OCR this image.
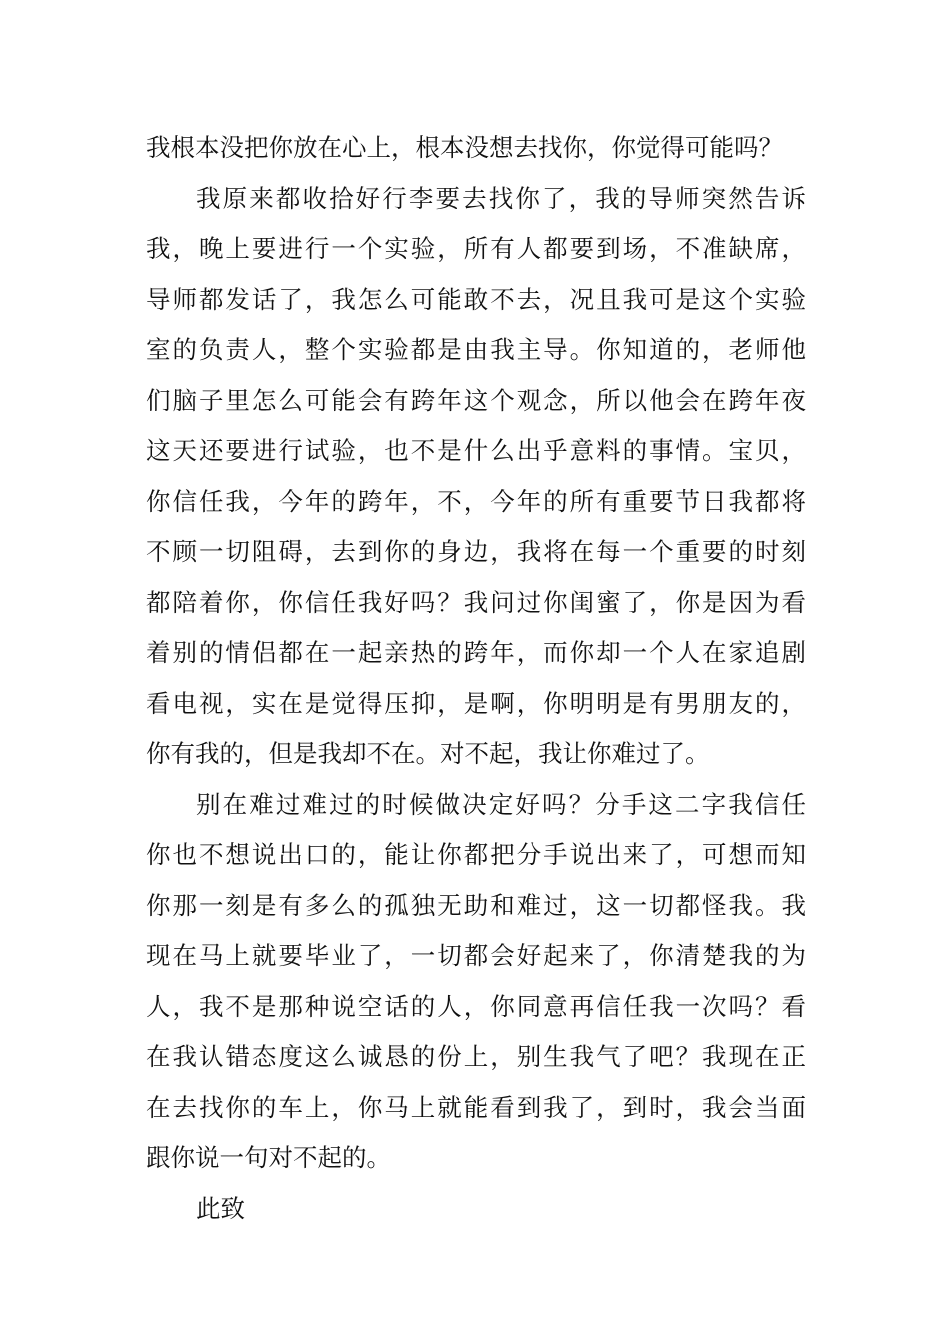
我根本没把你放在心上，根本没想去找你，你觉得可能吗？
我原来都收拾好行李要去找你了，我的导师突然告诉
我，晚上要进行一个实验，所有人都要到场，不准缺席，
导师都发话了，我怎么可能敢不去，况且我可是这个实验
室的负责人，整个实验都是由我主导。你知道的，老师他
们脑子里怎么可能会有跨年这个观念，所以他会在跨年夜
这天还要进行试验，也不是什么出乎意料的事情。宝贝，
你信任我，今年的跨年，不，今年的所有重要节日我都将
不顾一切阻碍，去到你的身边，我将在每一个重要的时刻
都陪着你，你信任我好吗？我问过你闺蜜了，你是因为看
着别的情侣都在一起亲热的跨年，而你却一个人在家追剧
看电视，实在是觉得压抑，是啊，你明明是有男朋友的，
你有我的，但是我却不在。对不起，我让你难过了。
别在难过难过的时候做决定好吗？分手这二字我信任
你也不想说出口的，能让你都把分手说出来了，可想而知
你那一刻是有多么的孤独无助和难过，这一切都怪我。我
现在马上就要毕业了，一切都会好起来了，你清楚我的为
人，我不是那种说空话的人，你同意再信任我一次吗？看
在我认错态度这么诚恳的份上，别生我气了吧？我现在正
在去找你的车上，你马上就能看到我了，到时，我会当面
跟你说一句对不起的。
此致
